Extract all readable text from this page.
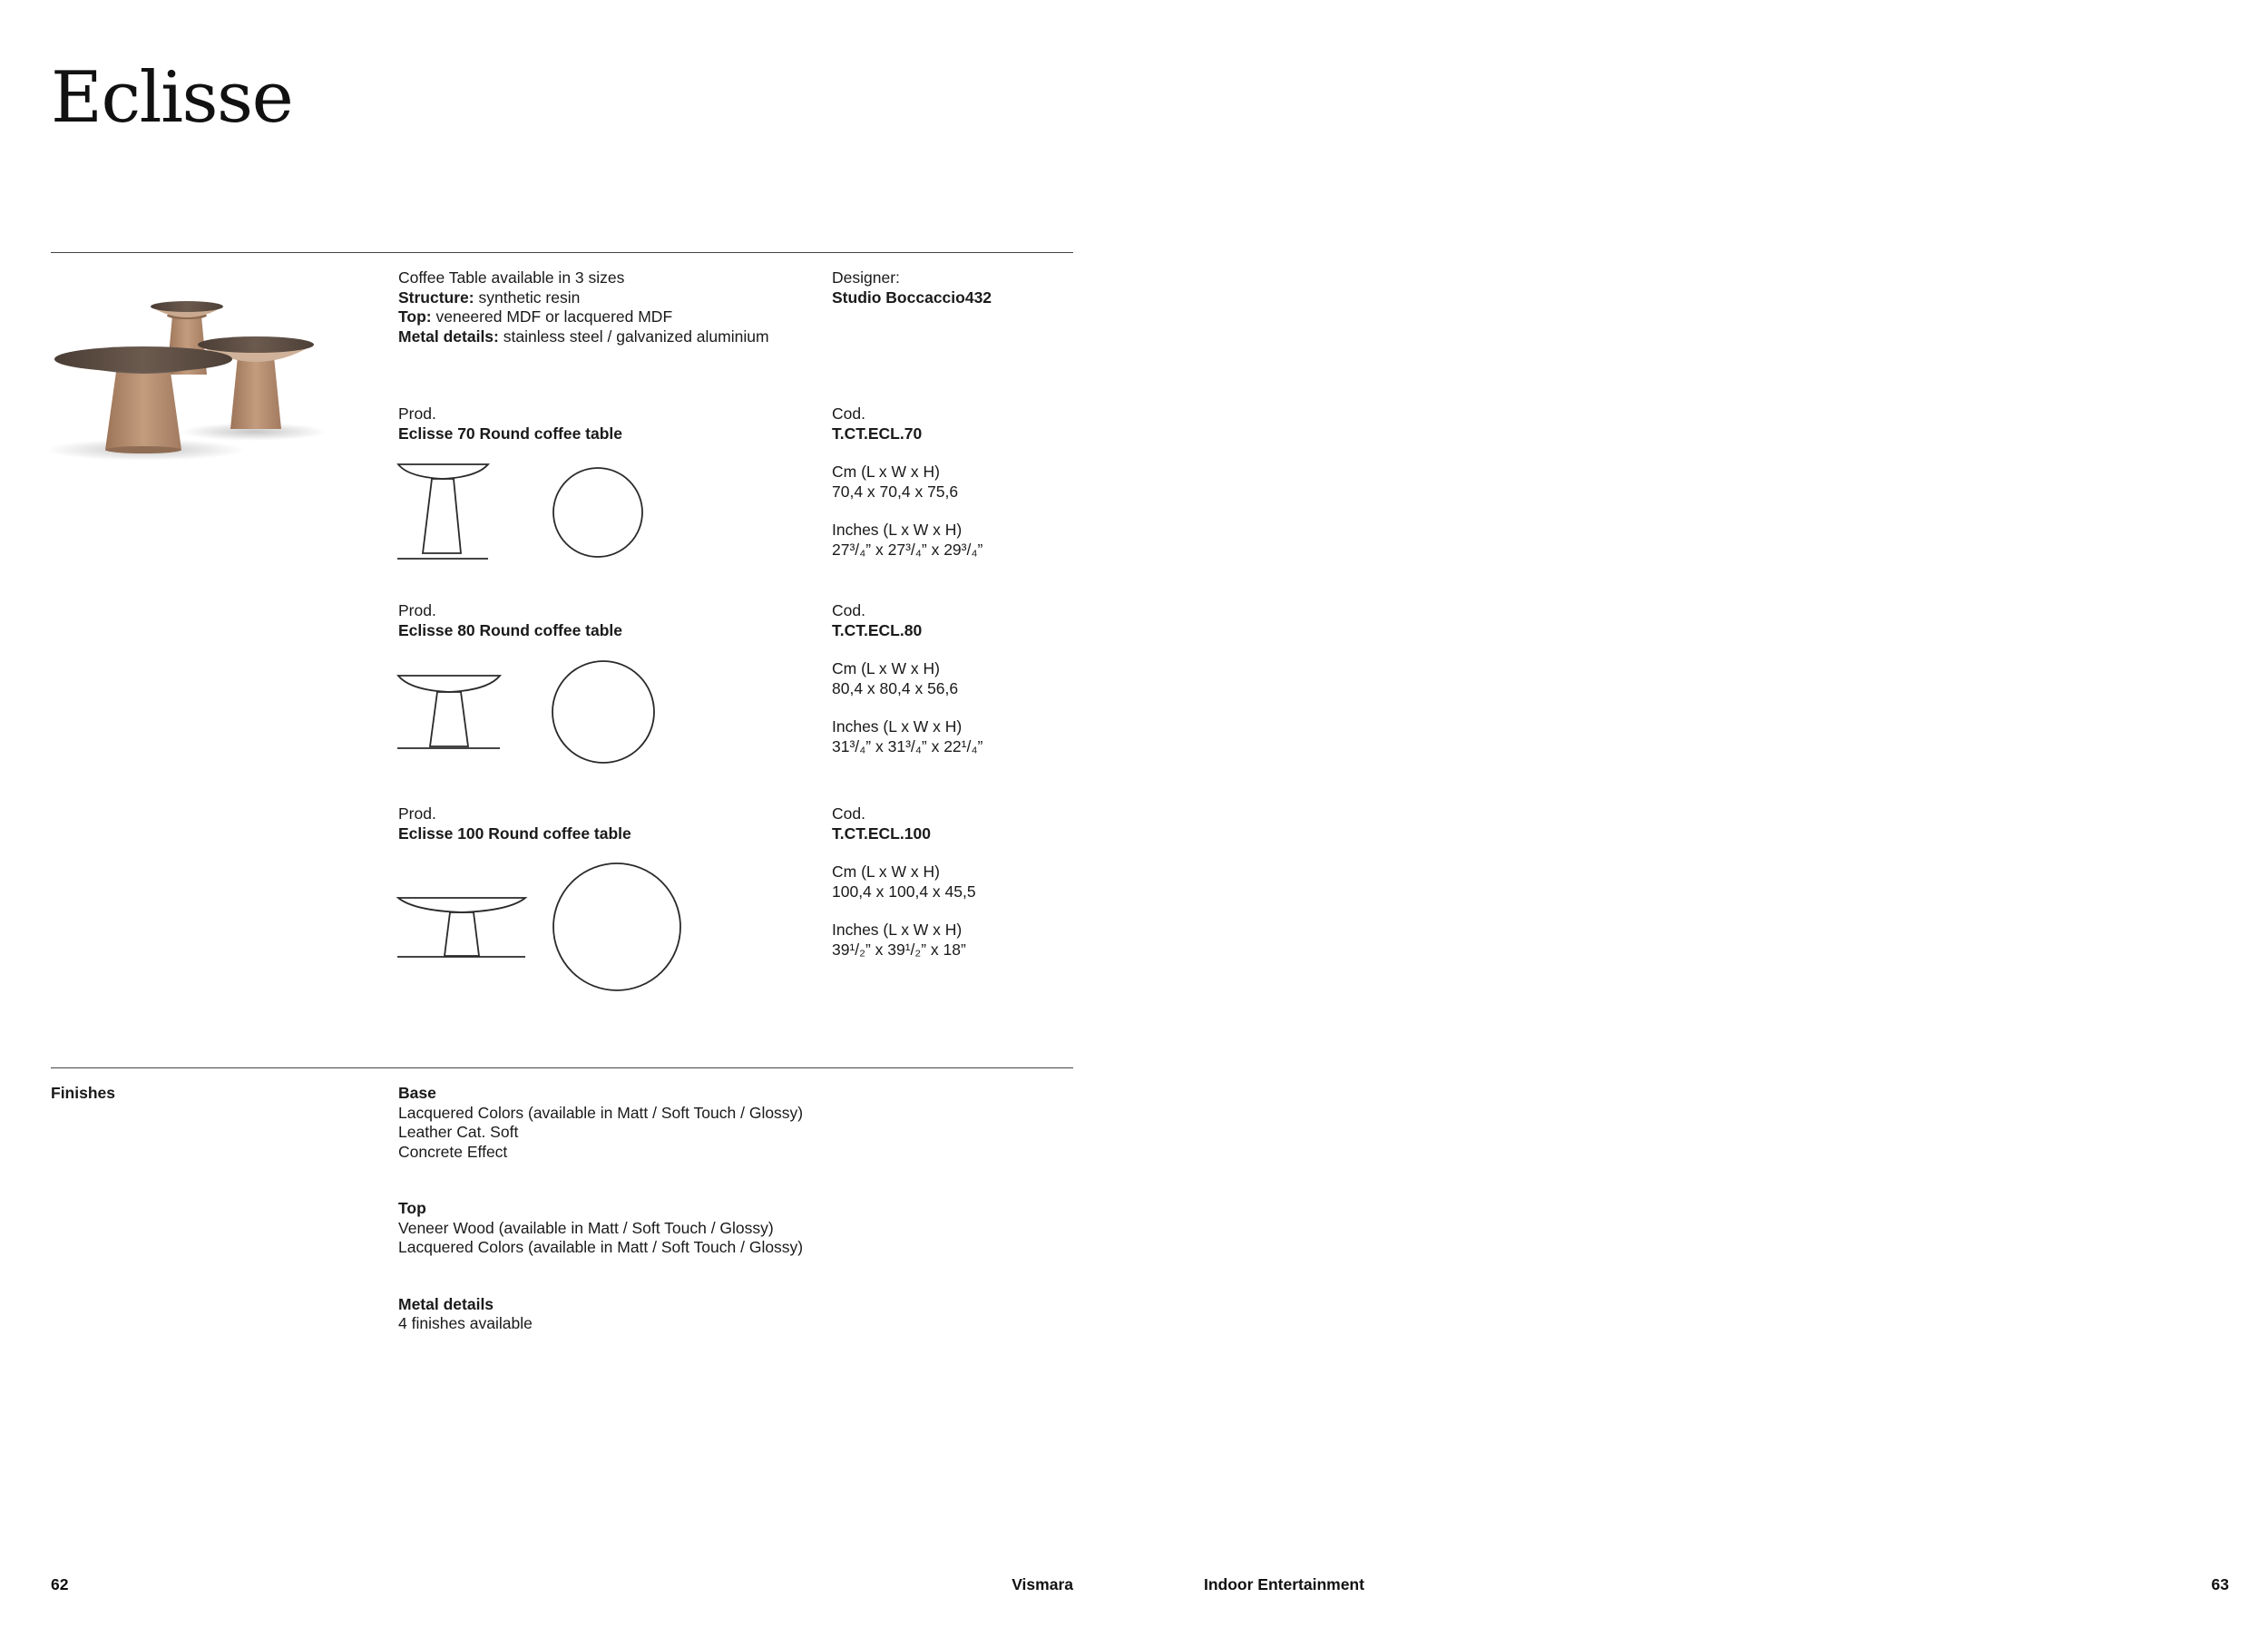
Eclisse
Coffee Table available in 3 sizes
Structure: synthetic resin
Top: veneered MDF or lacquered MDF
Metal details: stainless steel / galvanized aluminium
Designer:
Studio Boccaccio432
Prod.
Eclisse 70 Round coffee table
Cod.
T.CT.ECL.70
Cm (L x W x H)
70,4 x 70,4 x 75,6
Inches (L x W x H)
27³/₄” x 27³/₄” x 29³/₄”
Prod.
Eclisse 80 Round coffee table
Cod.
T.CT.ECL.80
Cm (L x W x H)
80,4 x 80,4 x 56,6
Inches (L x W x H)
31³/₄” x 31³/₄” x 22¹/₄”
Prod.
Eclisse 100 Round coffee table
Cod.
T.CT.ECL.100
Cm (L x W x H)
100,4 x 100,4 x 45,5
Inches (L x W x H)
39¹/₂” x 39¹/₂” x 18”
Finishes	Base
Lacquered Colors (available in Matt / Soft Touch / Glossy)
Leather Cat. Soft
Concrete Effect
Top
Veneer Wood (available in Matt / Soft Touch / Glossy)
Lacquered Colors (available in Matt / Soft Touch / Glossy)
Metal details
4 finishes available
62	Vismara	Indoor Entertainment	63
